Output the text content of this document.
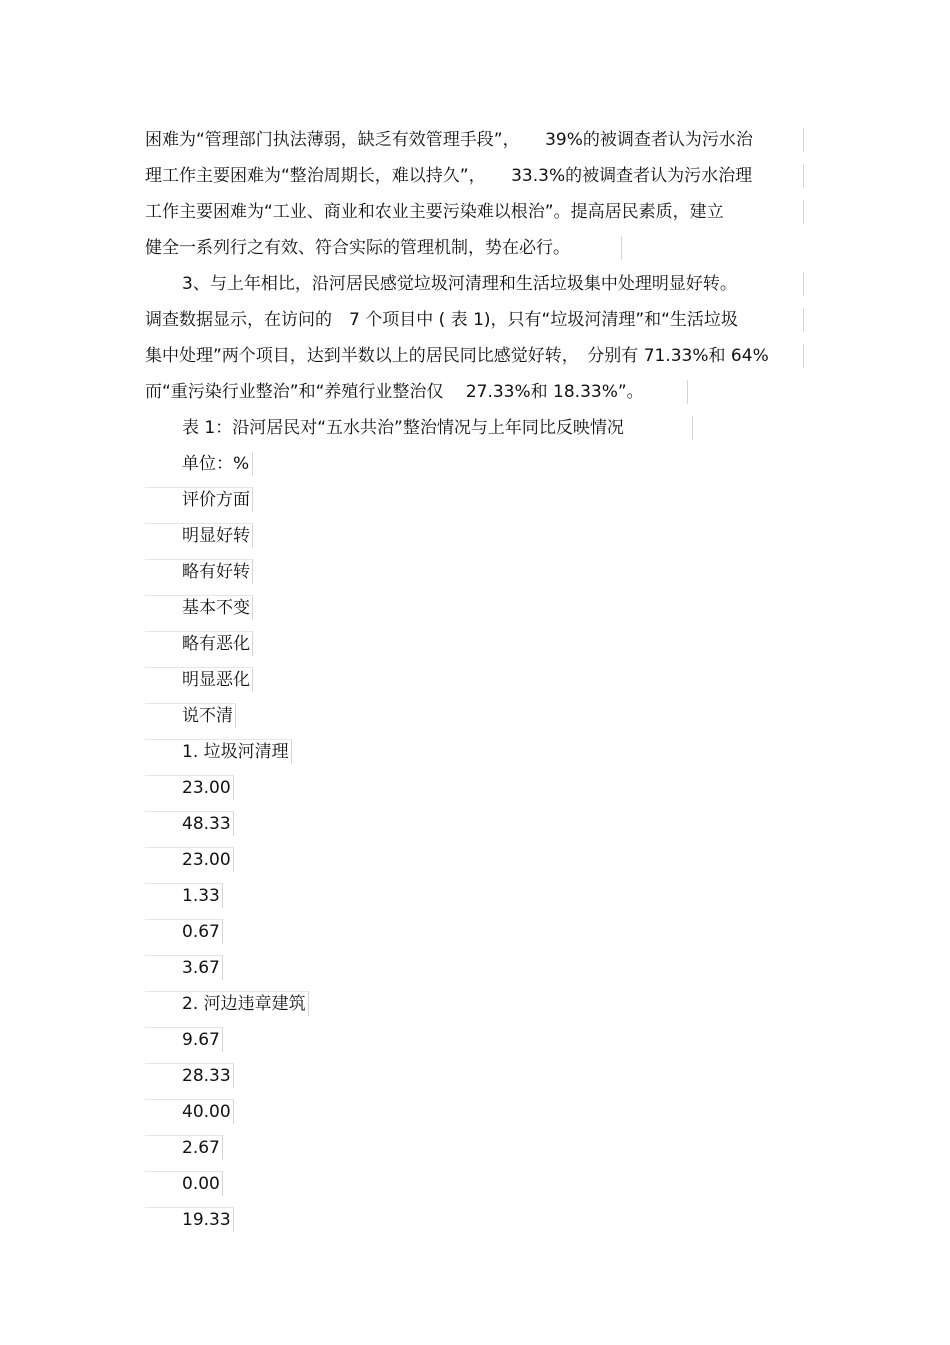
困难为“管理部门执法薄弱，缺乏有效管理手段”，　　39%的被调查者认为污水治
理工作主要困难为“整治周期长，难以持久”，　　33.3%的被调查者认为污水治理
工作主要困难为“工业、商业和农业主要污染难以根治”。提高居民素质，建立
健全一系列行之有效、符合实际的管理机制，势在必行。
3、与上年相比，沿河居民感觉垃圾河清理和生活垃圾集中处理明显好转。
调查数据显示，在访问的　7 个项目中 ( 表 1)，只有“垃圾河清理”和“生活垃圾
集中处理”两个项目，达到半数以上的居民同比感觉好转，　分别有 71.33%和 64%
而“重污染行业整治”和“养殖行业整治仅　 27.33%和 18.33%”。
表 1：沿河居民对“五水共治”整治情况与上年同比反映情况
单位：%
评价方面
明显好转
略有好转
基本不变
略有恶化
明显恶化
说不清
1. 垃圾河清理
23.00
48.33
23.00
1.33
0.67
3.67
2. 河边违章建筑
9.67
28.33
40.00
2.67
0.00
19.33
